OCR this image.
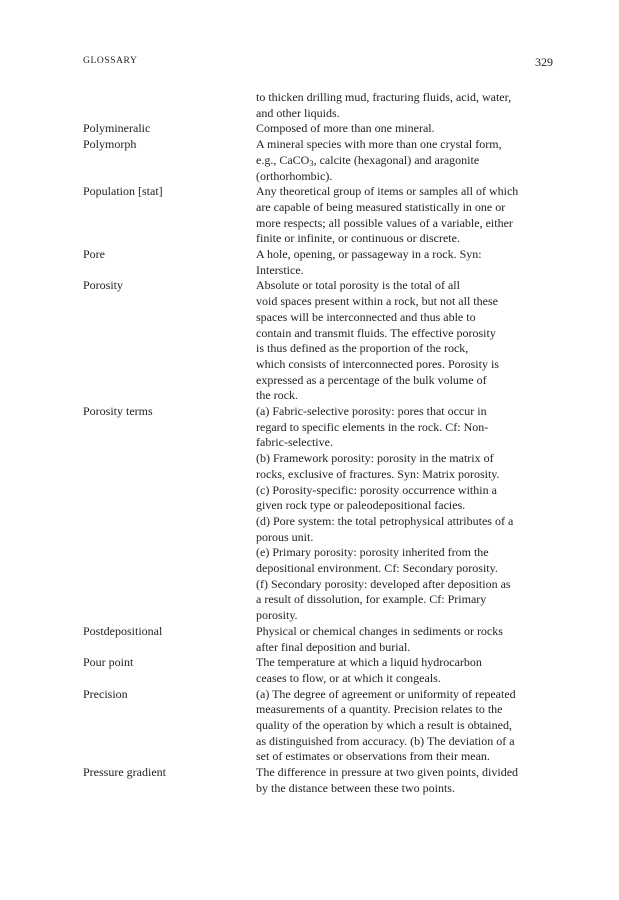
GLOSSARY	329
to thicken drilling mud, fracturing fluids, acid, water,
and other liquids.
Polymineralic	Composed of more than one mineral.
Polymorph	A mineral species with more than one crystal form,
e.g., CaCO3, calcite (hexagonal) and aragonite
(orthorhombic).
Population [stat]	Any theoretical group of items or samples all of which
are capable of being measured statistically in one or
more respects; all possible values of a variable, either
finite or infinite, or continuous or discrete.
Pore	A hole, opening, or passageway in a rock. Syn:
Interstice.
Porosity	Absolute or total porosity is the total of all
void spaces present within a rock, but not all these
spaces will be interconnected and thus able to
contain and transmit fluids. The effective porosity
is thus defined as the proportion of the rock,
which consists of interconnected pores. Porosity is
expressed as a percentage of the bulk volume of
the rock.
Porosity terms	(a) Fabric-selective porosity: pores that occur in
regard to specific elements in the rock. Cf: Non-
fabric-selective.
(b) Framework porosity: porosity in the matrix of
rocks, exclusive of fractures. Syn: Matrix porosity.
(c) Porosity-specific: porosity occurrence within a
given rock type or paleodepositional facies.
(d) Pore system: the total petrophysical attributes of a
porous unit.
(e) Primary porosity: porosity inherited from the
depositional environment. Cf: Secondary porosity.
(f) Secondary porosity: developed after deposition as
a result of dissolution, for example. Cf: Primary
porosity.
Postdepositional	Physical or chemical changes in sediments or rocks
after final deposition and burial.
Pour point	The temperature at which a liquid hydrocarbon
ceases to flow, or at which it congeals.
Precision	(a) The degree of agreement or uniformity of repeated
measurements of a quantity. Precision relates to the
quality of the operation by which a result is obtained,
as distinguished from accuracy. (b) The deviation of a
set of estimates or observations from their mean.
Pressure gradient	The difference in pressure at two given points, divided
by the distance between these two points.
